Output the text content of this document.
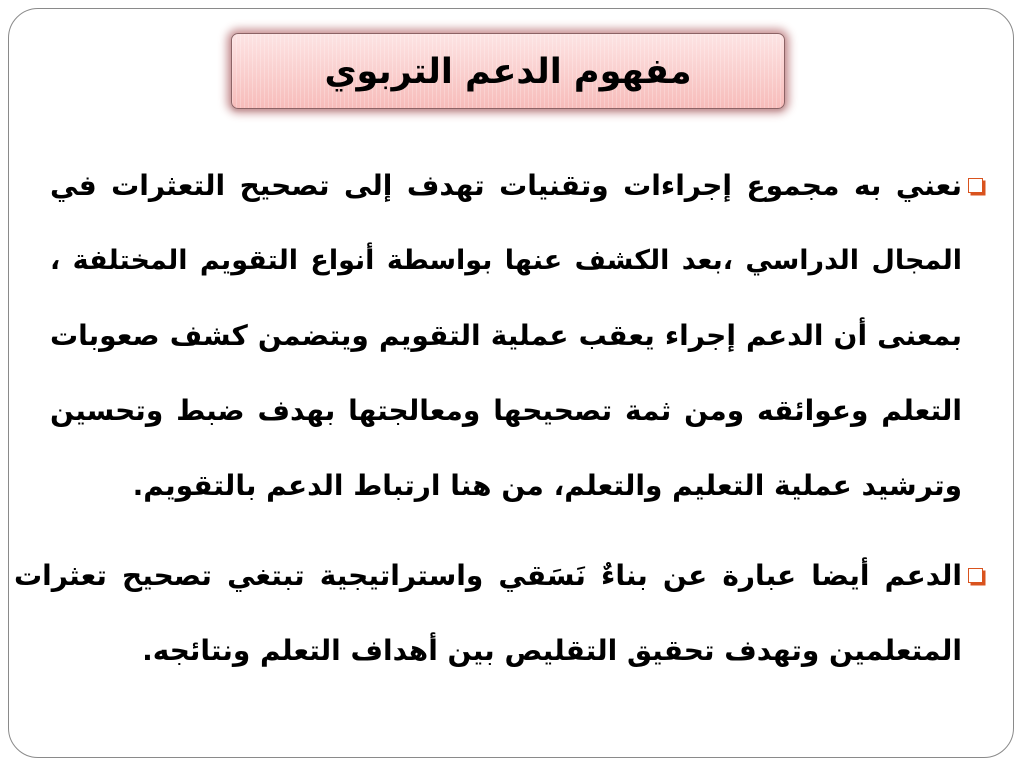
مفهوم الدعم التربوي
نعني به مجموع إجراءات وتقنيات تهدف إلى تصحيح التعثرات في
المجال الدراسي ،بعد الكشف عنها بواسطة أنواع التقويم المختلفة ،
بمعنى أن الدعم إجراء يعقب عملية التقويم ويتضمن كشف صعوبات
التعلم وعوائقه ومن ثمة تصحيحها ومعالجتها بهدف ضبط وتحسين
وترشيد عملية التعليم والتعلم، من هنا ارتباط الدعم بالتقويم.
الدعم أيضا عبارة عن بناءٌ نَسَقي واستراتيجية تبتغي تصحيح تعثرات
المتعلمين وتهدف تحقيق التقليص بين أهداف التعلم ونتائجه.
